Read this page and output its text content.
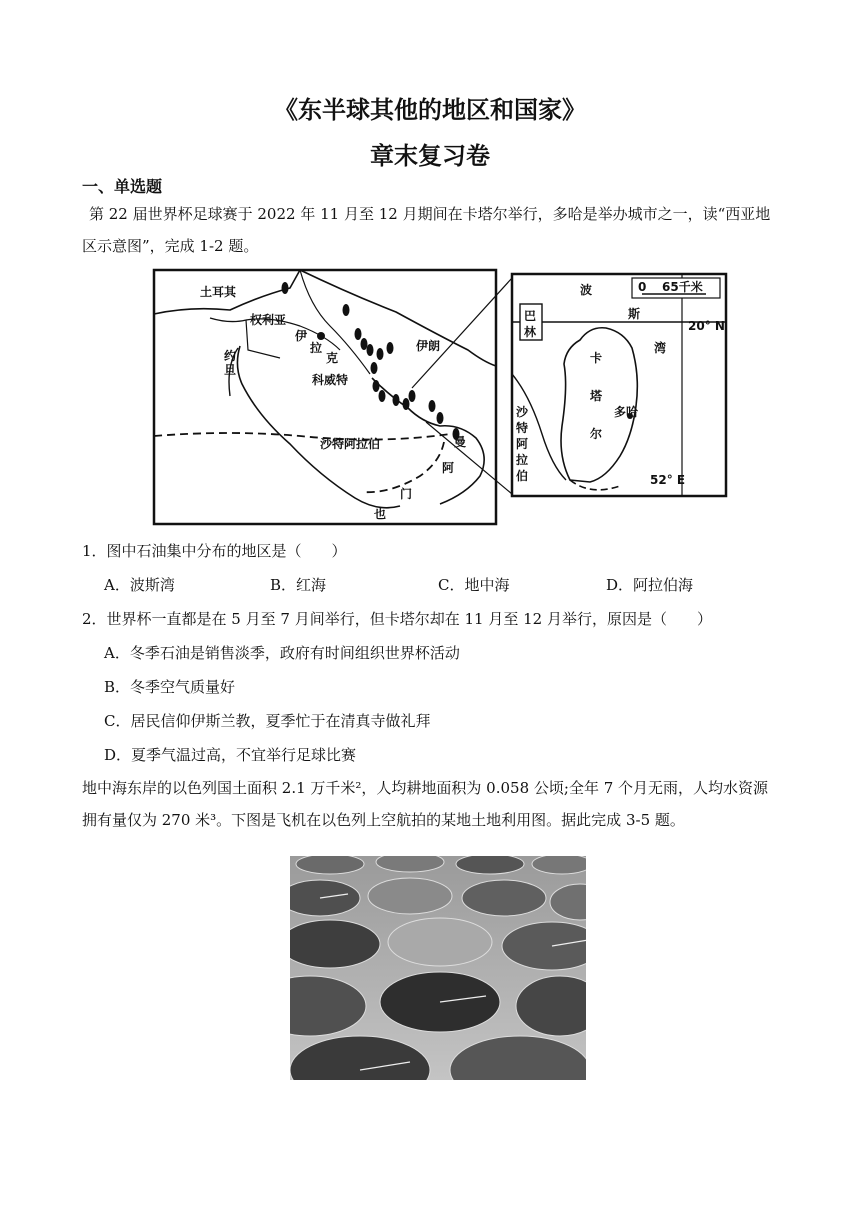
《东半球其他的地区和国家》
章末复习卷
一、单选题
第 22 届世界杯足球赛于 2022 年 11 月至 12 月期间在卡塔尔举行，多哈是举办城市之一，读“西亚地区示意图”，完成 1-2 题。
土耳其
权利亚
伊
拉
克
伊朗
约
旦
科威特
沙特阿拉伯	曼
阿
门
也
0 65千米
巴
林
波
斯
湾
20° N
卡
塔
尔
多哈
沙
特
阿
拉
伯	52° E
1．图中石油集中分布的地区是（　　）
A．波斯湾	B．红海	C．地中海	D．阿拉伯海
2．世界杯一直都是在 5 月至 7 月间举行，但卡塔尔却在 11 月至 12 月举行，原因是（　　）
A．冬季石油是销售淡季，政府有时间组织世界杯活动
B．冬季空气质量好
C．居民信仰伊斯兰教，夏季忙于在清真寺做礼拜
D．夏季气温过高，不宜举行足球比赛
地中海东岸的以色列国土面积 2.1 万千米²，人均耕地面积为 0.058 公顷;全年 7 个月无雨，人均水资源拥有量仅为 270 米³。下图是飞机在以色列上空航拍的某地土地利用图。据此完成 3-5 题。
